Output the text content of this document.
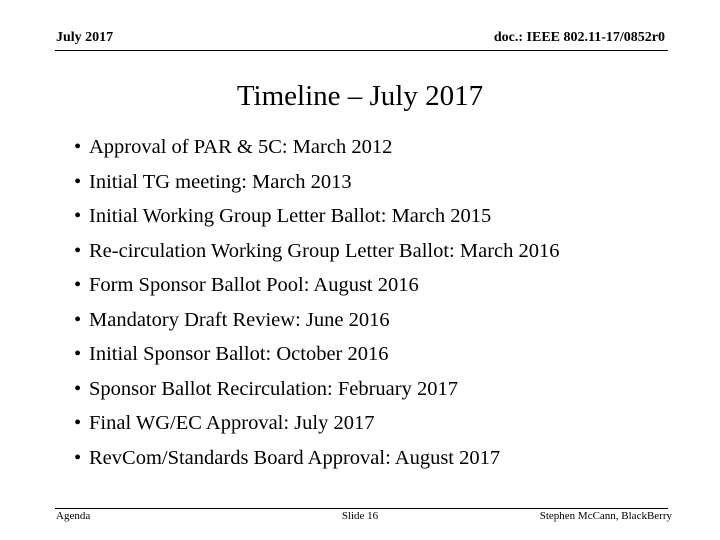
July 2017	doc.: IEEE 802.11-17/0852r0
Timeline – July 2017
• Approval of PAR & 5C: March 2012
• Initial TG meeting: March 2013
• Initial Working Group Letter Ballot: March 2015
• Re-circulation Working Group Letter Ballot: March 2016
• Form Sponsor Ballot Pool: August 2016
• Mandatory Draft Review: June 2016
• Initial Sponsor Ballot: October 2016
• Sponsor Ballot Recirculation: February 2017
• Final WG/EC Approval: July 2017
• RevCom/Standards Board Approval: August 2017
Agenda	Slide 16	Stephen McCann, BlackBerry
